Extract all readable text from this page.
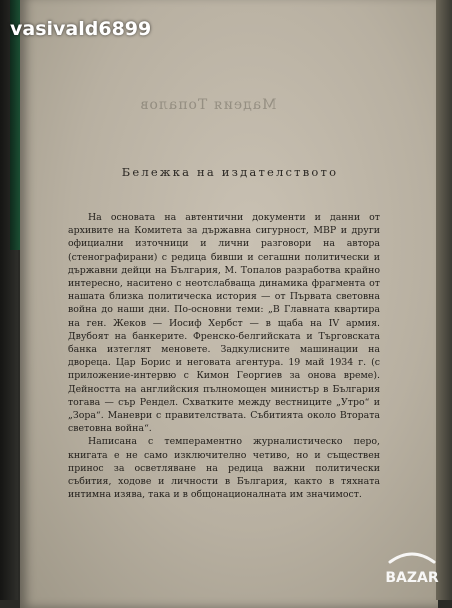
vasivald6899
Мадеия Топалов
Бележка на издателството

На основата на автентични документи и данни от архивите на Комитета за държавна сигурност, МВР и други официални източници и лични разговори на автора (стенографирани) с редица бивши и сегашни политически и държавни дейци на България, М. Топалов разработва крайно интересно, наситено с неотслабваща динамика фрагмента от нашата близка политическа история — от Първата световна война до наши дни. По-основни теми: „В Главната квартира на ген. Жеков — Иосиф Хербст — в щаба на IV армия. Двубоят на банкерите. Френско-белгийската и Търговската банка изтеглят меновете. Задкулисните машинации на двореца. Цар Борис и неговата агентура. 19 май 1934 г. (с приложение-интервю с Кимон Георгиев за онова време). Дейността на английския пълномощен министър в България тогава — сър Рендел. Схватките между вестниците „Утро“ и „Зора“. Маневри с правителствата. Събитията около Втората световна война“.

Написана с темпераментно журналистическо перо, книгата е не само изключително четиво, но и съществен принос за осветляване на редица важни политически събития, ходове и личности в България, както в тяхната интимна изява, така и в общонационалната им значимост.

BAZAR
